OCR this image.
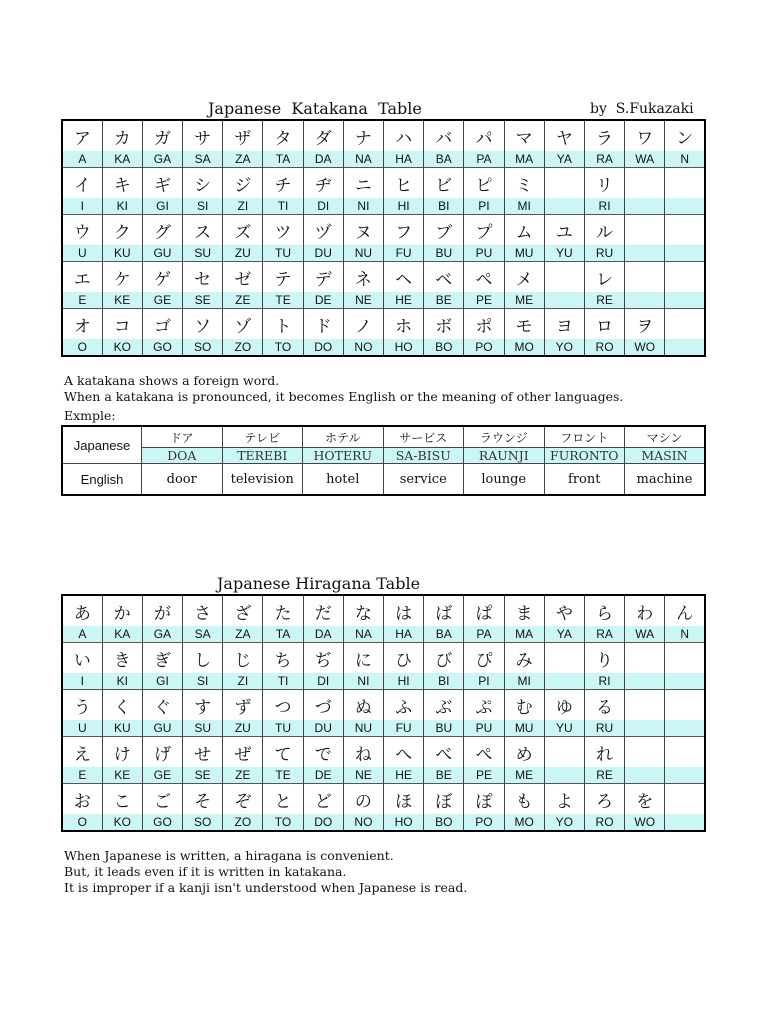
Japanese  Katakana  Table	by  S.Fukazaki
ア	カ	ガ	サ	ザ	タ	ダ	ナ	ハ	バ	パ	マ	ヤ	ラ	ワ	ン
A	KA	GA	SA	ZA	TA	DA	NA	HA	BA	PA	MA	YA	RA	WA	N
イ	キ	ギ	シ	ジ	チ	ヂ	ニ	ヒ	ビ	ピ	ミ		リ		
I	KI	GI	SI	ZI	TI	DI	NI	HI	BI	PI	MI		RI		
ウ	ク	グ	ス	ズ	ツ	ヅ	ヌ	フ	ブ	プ	ム	ユ	ル		
U	KU	GU	SU	ZU	TU	DU	NU	FU	BU	PU	MU	YU	RU		
エ	ケ	ゲ	セ	ゼ	テ	デ	ネ	ヘ	ベ	ペ	メ		レ		
E	KE	GE	SE	ZE	TE	DE	NE	HE	BE	PE	ME		RE		
オ	コ	ゴ	ソ	ゾ	ト	ド	ノ	ホ	ボ	ポ	モ	ヨ	ロ	ヲ	
O	KO	GO	SO	ZO	TO	DO	NO	HO	BO	PO	MO	YO	RO	WO	
A katakana shows a foreign word.
When a katakana is pronounced, it becomes English or the meaning of other languages.
Exmple:
Japanese	ドア	テレビ	ホテル	サービス	ラウンジ	フロント	マシン
	DOA	TEREBI	HOTERU	SA-BISU	RAUNJI	FURONTO	MASIN
English	door	television	hotel	service	lounge	front	machine
Japanese Hiragana Table
あ	か	が	さ	ざ	た	だ	な	は	ば	ぱ	ま	や	ら	わ	ん
A	KA	GA	SA	ZA	TA	DA	NA	HA	BA	PA	MA	YA	RA	WA	N
い	き	ぎ	し	じ	ち	ぢ	に	ひ	び	ぴ	み		り		
I	KI	GI	SI	ZI	TI	DI	NI	HI	BI	PI	MI		RI		
う	く	ぐ	す	ず	つ	づ	ぬ	ふ	ぶ	ぷ	む	ゆ	る		
U	KU	GU	SU	ZU	TU	DU	NU	FU	BU	PU	MU	YU	RU		
え	け	げ	せ	ぜ	て	で	ね	へ	べ	ぺ	め		れ		
E	KE	GE	SE	ZE	TE	DE	NE	HE	BE	PE	ME		RE		
お	こ	ご	そ	ぞ	と	ど	の	ほ	ぼ	ぽ	も	よ	ろ	を	
O	KO	GO	SO	ZO	TO	DO	NO	HO	BO	PO	MO	YO	RO	WO	
When Japanese is written, a hiragana is convenient.
But, it leads even if it is written in katakana.
It is improper if a kanji isn't understood when Japanese is read.
